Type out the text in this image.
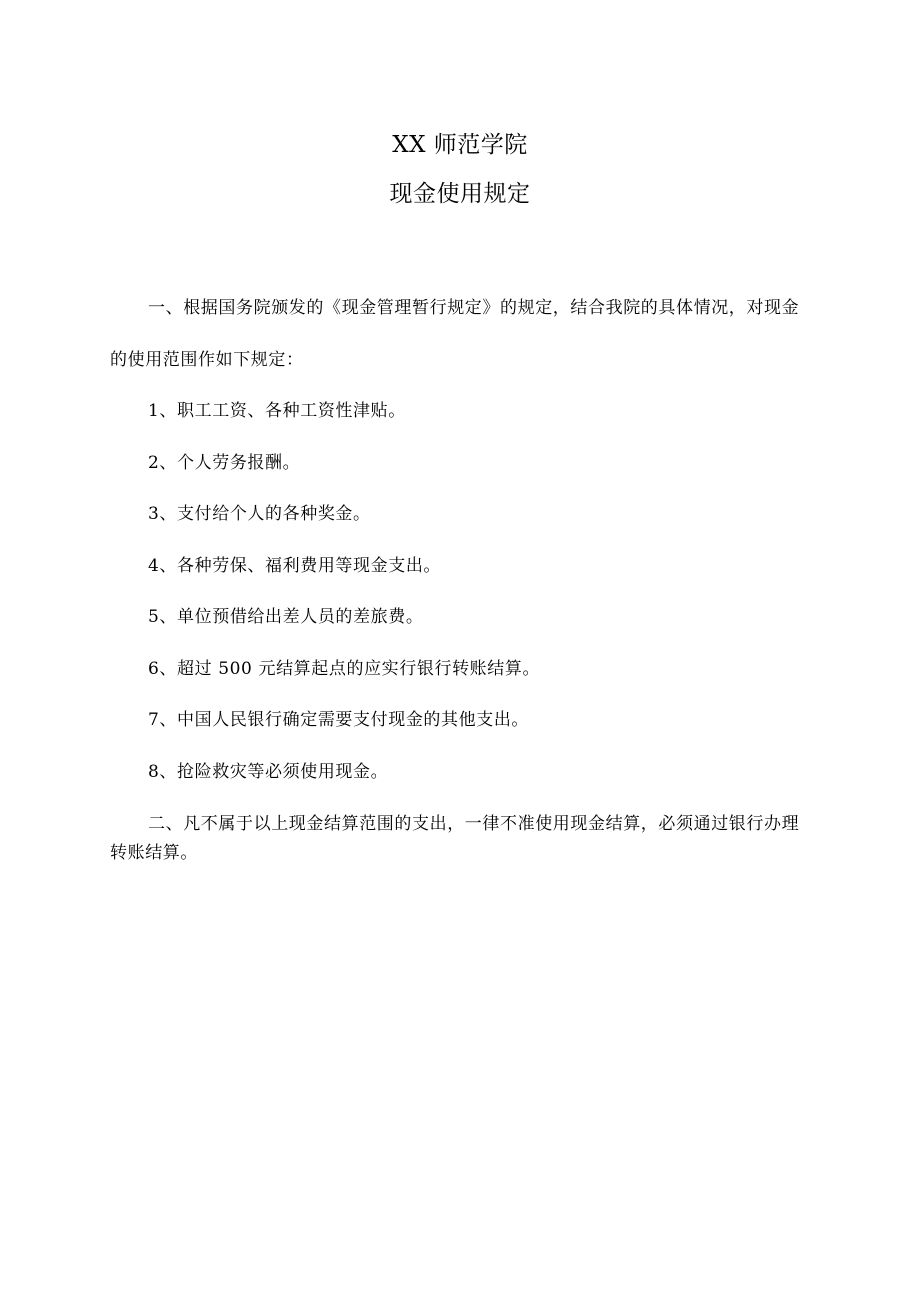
XX 师范学院
现金使用规定

一、根据国务院颁发的《现金管理暂行规定》的规定，结合我院的具体情况，对现金的使用范围作如下规定：

1、职工工资、各种工资性津贴。

2、个人劳务报酬。

3、支付给个人的各种奖金。

4、各种劳保、福利费用等现金支出。

5、单位预借给出差人员的差旅费。

6、超过 500 元结算起点的应实行银行转账结算。

7、中国人民银行确定需要支付现金的其他支出。

8、抢险救灾等必须使用现金。

二、凡不属于以上现金结算范围的支出，一律不准使用现金结算，必须通过银行办理转账结算。
